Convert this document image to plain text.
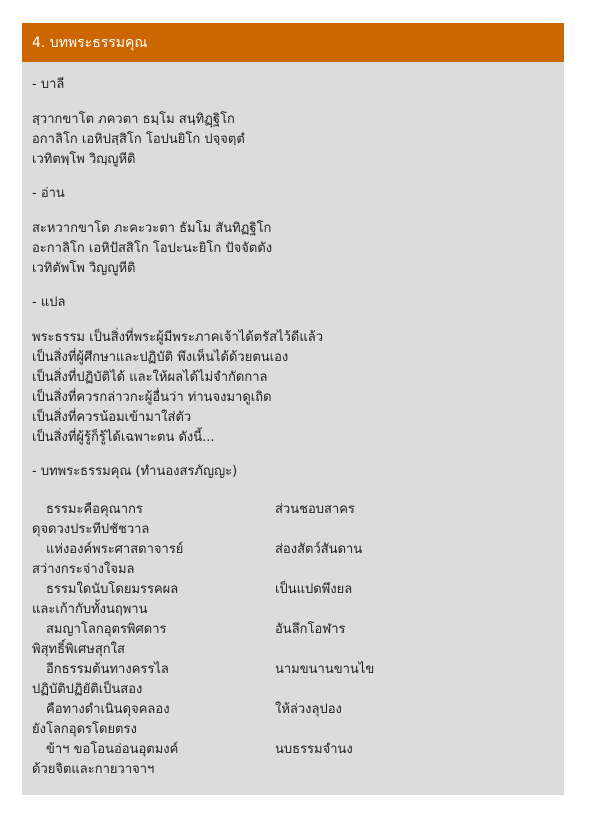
4. บทพระธรรมคุณ
- บาลี
สฺวากขาโต ภควตา ธมฺโม สนฺทิฏฺฐิโก
อกาลิโก เอหิปสฺสิโก โอปนยิโก ปจฺจตฺตํ
เวทิตพฺโพ วิญฺญูหีติ
- อ่าน
สะหวากขาโต ภะคะวะตา ธัมโม สันทิฏฐิโก
อะกาลิโก เอหิปัสสิโก โอปะนะยิโก ปัจจัตตัง
เวทิตัพโพ วิญญูหีติ
- แปล
พระธรรม เป็นสิ่งที่พระผู้มีพระภาคเจ้าได้ตรัสไว้ดีแล้ว
เป็นสิ่งที่ผู้ศึกษาและปฏิบัติ พึงเห็นได้ด้วยตนเอง
เป็นสิ่งที่ปฏิบัติได้ และให้ผลได้ไม่จำกัดกาล
เป็นสิ่งที่ควรกล่าวกะผู้อื่นว่า ท่านจงมาดูเถิด
เป็นสิ่งที่ควรน้อมเข้ามาใส่ตัว
เป็นสิ่งที่ผู้รู้ก็รู้ได้เฉพาะตน ดังนี้...
- บทพระธรรมคุณ (ทำนองสรภัญญะ)
ธรรมะคือคุณากร	ส่วนชอบสาคร
ดุจดวงประทีปชัชวาล
แห่งองค์พระศาสดาจารย์	ส่องสัตว์สันดาน
สว่างกระจ่างใจมล
ธรรมใดนับโดยมรรคผล	เป็นแปดพึงยล
และเก้ากับทั้งนฤพาน
สมญาโลกอุตรพิศดาร	อันลึกโอฬาร
พิสุทธิ์พิเศษสุกใส
อีกธรรมต้นทางครรไล	นามขนานขานไข
ปฏิบัติปฏิยัติเป็นสอง
คือทางดำเนินดุจคลอง	ให้ล่วงลุปอง
ยังโลกอุดรโดยตรง
ข้าฯ ขอโอนอ่อนอุตมงค์	นบธรรมจำนง
ด้วยจิตและกายวาจาฯ
